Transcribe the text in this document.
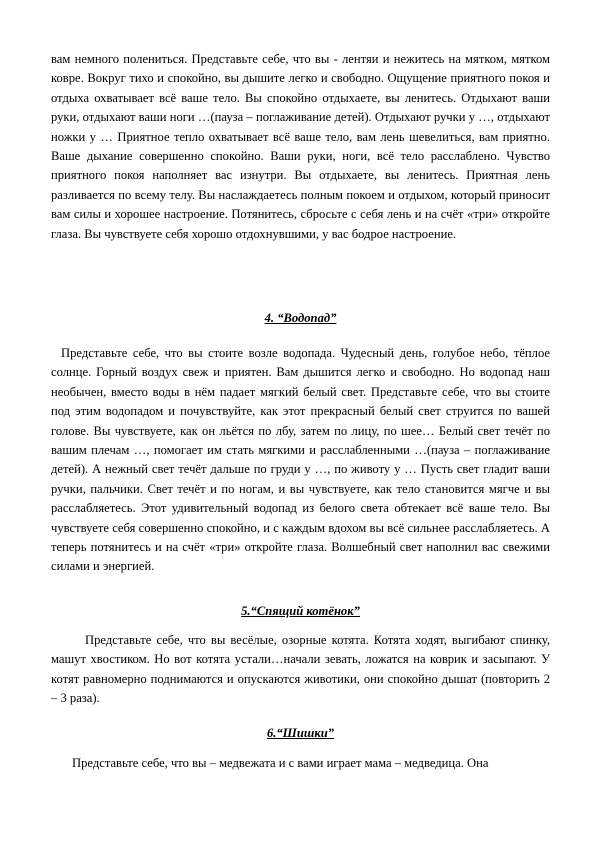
вам немного полениться. Представьте себе, что вы - лентяи и нежитесь на мятком, мятком ковре. Вокруг тихо и спокойно, вы дышите легко и свободно. Ощущение приятного покоя и отдыха охватывает всё ваше тело. Вы спокойно отдыхаете, вы ленитесь. Отдыхают ваши руки, отдыхают ваши ноги …(пауза – поглаживание детей). Отдыхают ручки у …, отдыхают ножки у … Приятное тепло охватывает всё ваше тело, вам лень шевелиться, вам приятно. Ваше дыхание совершенно спокойно. Ваши руки, ноги, всё тело расслаблено. Чувство приятного покоя наполняет вас изнутри. Вы отдыхаете, вы ленитесь. Приятная лень разливается по всему телу. Вы наслаждаетесь полным покоем и отдыхом, который приносит вам силы и хорошее настроение. Потянитесь, сбросьте с себя лень и на счёт «три» откройте глаза. Вы чувствуете себя хорошо отдохнувшими, у вас бодрое настроение.

4. “Водопад”

Представьте себе, что вы стоите возле водопада. Чудесный день, голубое небо, тёплое солнце. Горный воздух свеж и приятен. Вам дышится легко и свободно. Но водопад наш необычен, вместо воды в нём падает мягкий белый свет. Представьте себе, что вы стоите под этим водопадом и почувствуйте, как этот прекрасный белый свет струится по вашей голове. Вы чувствуете, как он льётся по лбу, затем по лицу, по шее… Белый свет течёт по вашим плечам …, помогает им стать мягкими и расслабленными …(пауза – поглаживание детей). А нежный свет течёт дальше по груди у …, по животу у … Пусть свет гладит ваши ручки, пальчики. Свет течёт и по ногам, и вы чувствуете, как тело становится мягче и вы расслабляетесь. Этот удивительный водопад из белого света обтекает всё ваше тело. Вы чувствуете себя совершенно спокойно, и с каждым вдохом вы всё сильнее расслабляетесь. А теперь потянитесь и на счёт «три» откройте глаза. Волшебный свет наполнил вас свежими силами и энергией.

5.“Спящий котёнок”

Представьте себе, что вы весёлые, озорные котята. Котята ходят, выгибают спинку, машут хвостиком. Но вот котята устали…начали зевать, ложатся на коврик и засыпают. У котят равномерно поднимаются и опускаются животики, они спокойно дышат (повторить 2 – 3 раза).

6.“Шишки”

Представьте себе, что вы – медвежата и с вами играет мама – медведица. Она
